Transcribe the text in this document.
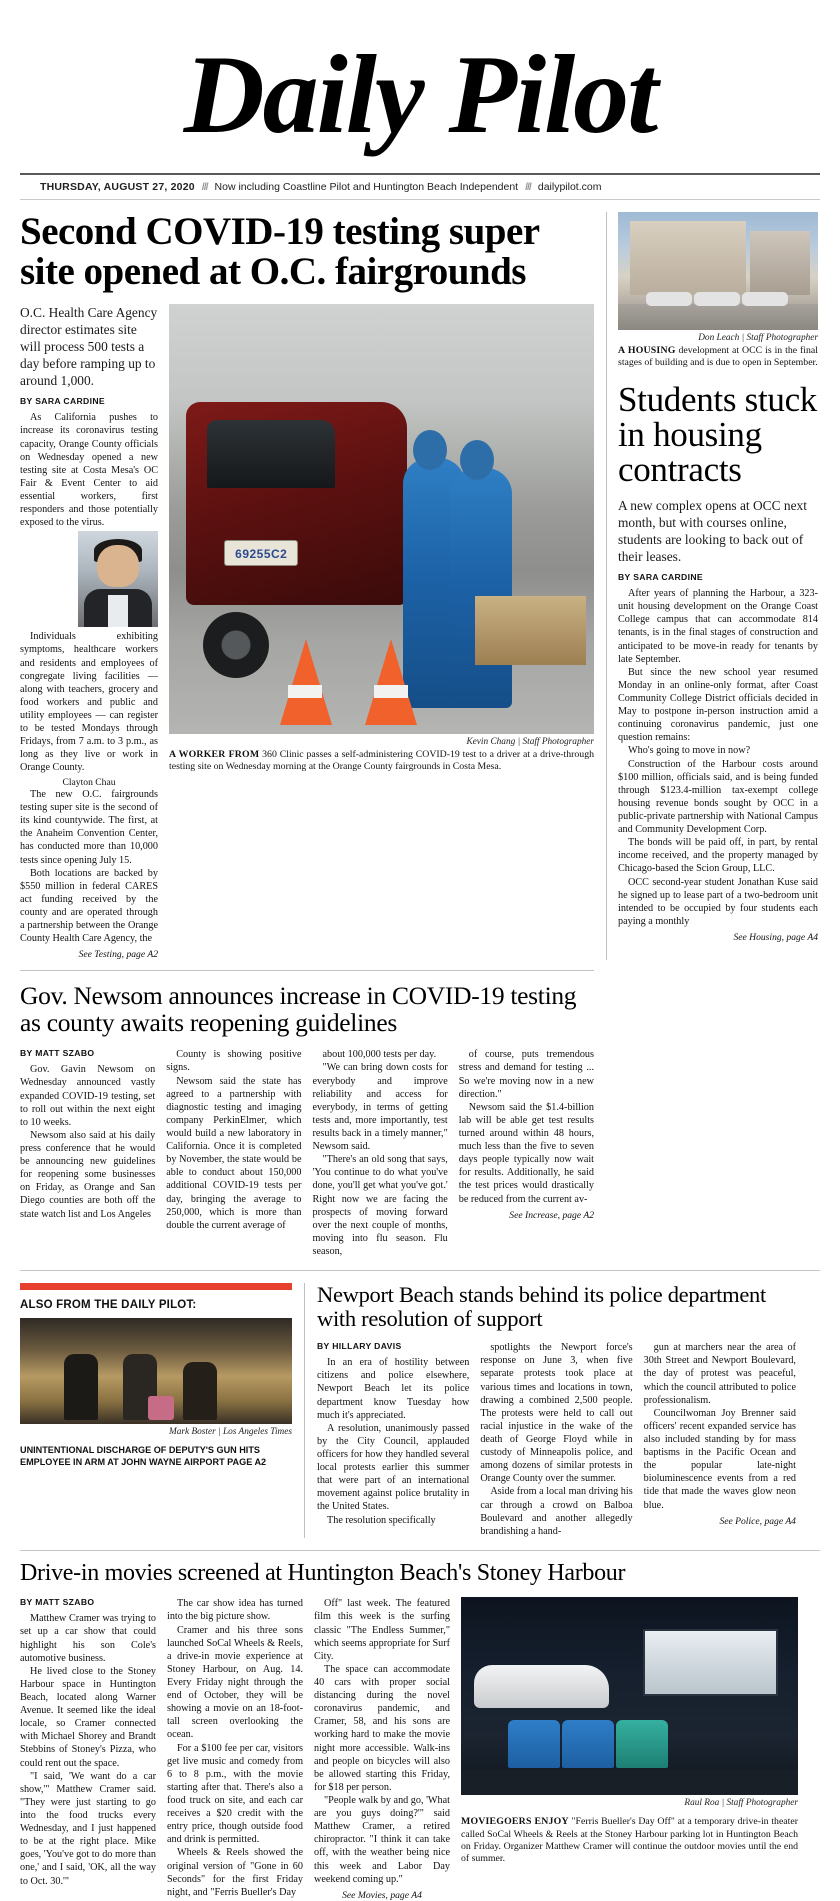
Daily Pilot
THURSDAY, AUGUST 27, 2020 /// Now including Coastline Pilot and Huntington Beach Independent /// dailypilot.com
Second COVID-19 testing super site opened at O.C. fairgrounds
O.C. Health Care Agency director estimates site will process 500 tests a day before ramping up to around 1,000.
BY SARA CARDINE

As California pushes to increase its coronavirus testing capacity, Orange County officials on Wednesday opened a new testing site at Costa Mesa's OC Fair & Event Center to aid essential workers, first responders and those potentially exposed to the virus.

Individuals exhibiting symptoms, healthcare workers and residents and employees of congregate living facilities — along with teachers, grocery and food workers and public and utility employees — can register to be tested Mondays through Fridays, from 7 a.m. to 3 p.m., as long as they live or work in Orange County.

Clayton Chau

The new O.C. fairgrounds testing super site is the second of its kind countywide. The first, at the Anaheim Convention Center, has conducted more than 10,000 tests since opening July 15.

Both locations are backed by $550 million in federal CARES act funding received by the county and are operated through a partnership between the Orange County Health Care Agency, the

See Testing, page A2
69255C2
Kevin Chang | Staff Photographer
A WORKER FROM 360 Clinic passes a self-administering COVID-19 test to a driver at a drive-through testing site on Wednesday morning at the Orange County fairgrounds in Costa Mesa.
Don Leach | Staff Photographer
A HOUSING development at OCC is in the final stages of building and is due to open in September.
Students stuck in housing contracts
A new complex opens at OCC next month, but with courses online, students are looking to back out of their leases.
BY SARA CARDINE

After years of planning the Harbour, a 323-unit housing development on the Orange Coast College campus that can accommodate 814 tenants, is in the final stages of construction and anticipated to be move-in ready for tenants by late September.

But since the new school year resumed Monday in an online-only format, after Coast Community College District officials decided in May to postpone in-person instruction amid a continuing coronavirus pandemic, just one question remains:

Who's going to move in now?

Construction of the Harbour costs around $100 million, officials said, and is being funded through $123.4-million tax-exempt college housing revenue bonds sought by OCC in a public-private partnership with National Campus and Community Development Corp.

The bonds will be paid off, in part, by rental income received, and the property managed by Chicago-based the Scion Group, LLC.

OCC second-year student Jonathan Kuse said he signed up to lease part of a two-bedroom unit intended to be occupied by four students each paying a monthly

See Housing, page A4
Gov. Newsom announces increase in COVID-19 testing as county awaits reopening guidelines
BY MATT SZABO

Gov. Gavin Newsom on Wednesday announced vastly expanded COVID-19 testing, set to roll out within the next eight to 10 weeks.

Newsom also said at his daily press conference that he would be announcing new guidelines for reopening some businesses on Friday, as Orange and San Diego counties are both off the state watch list and Los Angeles

County is showing positive signs.

Newsom said the state has agreed to a partnership with diagnostic testing and imaging company PerkinElmer, which would build a new laboratory in California. Once it is completed by November, the state would be able to conduct about 150,000 additional COVID-19 tests per day, bringing the average to 250,000, which is more than double the current average of

about 100,000 tests per day.

"We can bring down costs for everybody and improve reliability and access for everybody, in terms of getting tests and, more importantly, test results back in a timely manner," Newsom said.

"There's an old song that says, 'You continue to do what you've done, you'll get what you've got.' Right now we are facing the prospects of moving forward over the next couple of months, moving into flu season. Flu season,

of course, puts tremendous stress and demand for testing ... So we're moving now in a new direction."

Newsom said the $1.4-billion lab will be able get test results turned around within 48 hours, much less than the five to seven days people typically now wait for results. Additionally, he said the test prices would drastically be reduced from the current av-

See Increase, page A2
ALSO FROM THE DAILY PILOT:
Mark Boster | Los Angeles Times
UNINTENTIONAL DISCHARGE OF DEPUTY'S GUN HITS EMPLOYEE IN ARM AT JOHN WAYNE AIRPORT PAGE A2
Newport Beach stands behind its police department with resolution of support
BY HILLARY DAVIS

In an era of hostility between citizens and police elsewhere, Newport Beach let its police department know Tuesday how much it's appreciated.

A resolution, unanimously passed by the City Council, applauded officers for how they handled several local protests earlier this summer that were part of an international movement against police brutality in the United States.

The resolution specifically

spotlights the Newport force's response on June 3, when five separate protests took place at various times and locations in town, drawing a combined 2,500 people. The protests were held to call out racial injustice in the wake of the death of George Floyd while in custody of Minneapolis police, and among dozens of similar protests in Orange County over the summer.

Aside from a local man driving his car through a crowd on Balboa Boulevard and another allegedly brandishing a hand-

gun at marchers near the area of 30th Street and Newport Boulevard, the day of protest was peaceful, which the council attributed to police professionalism.

Councilwoman Joy Brenner said officers' recent expanded service has also included standing by for mass baptisms in the Pacific Ocean and the popular late-night bioluminescence events from a red tide that made the waves glow neon blue.

See Police, page A4
Drive-in movies screened at Huntington Beach's Stoney Harbour
BY MATT SZABO

Matthew Cramer was trying to set up a car show that could highlight his son Cole's automotive business.

He lived close to the Stoney Harbour space in Huntington Beach, located along Warner Avenue. It seemed like the ideal locale, so Cramer connected with Michael Shorey and Brandt Stebbins of Stoney's Pizza, who could rent out the space.

"I said, 'We want do a car show,'" Matthew Cramer said. "They were just starting to go into the food trucks every Wednesday, and I just happened to be at the right place. Mike goes, 'You've got to do more than one,' and I said, 'OK, all the way to Oct. 30.'"

The car show idea has turned into the big picture show.

Cramer and his three sons launched SoCal Wheels & Reels, a drive-in movie experience at Stoney Harbour, on Aug. 14. Every Friday night through the end of October, they will be showing a movie on an 18-foot-tall screen overlooking the ocean.

For a $100 fee per car, visitors get live music and comedy from 6 to 8 p.m., with the movie starting after that. There's also a food truck on site, and each car receives a $20 credit with the entry price, though outside food and drink is permitted.

Wheels & Reels showed the original version of "Gone in 60 Seconds" for the first Friday night, and "Ferris Bueller's Day

Off" last week. The featured film this week is the surfing classic "The Endless Summer," which seems appropriate for Surf City.

The space can accommodate 40 cars with proper social distancing during the novel coronavirus pandemic, and Cramer, 58, and his sons are working hard to make the movie night more accessible. Walk-ins and people on bicycles will also be allowed starting this Friday, for $18 per person.

"People walk by and go, 'What are you guys doing?'" said Matthew Cramer, a retired chiropractor. "I think it can take off, with the weather being nice this week and Labor Day weekend coming up."

See Movies, page A4
Raul Roa | Staff Photographer
MOVIEGOERS ENJOY "Ferris Bueller's Day Off" at a temporary drive-in theater called SoCal Wheels & Reels at the Stoney Harbour parking lot in Huntington Beach on Friday. Organizer Matthew Cramer will continue the outdoor movies until the end of summer.
